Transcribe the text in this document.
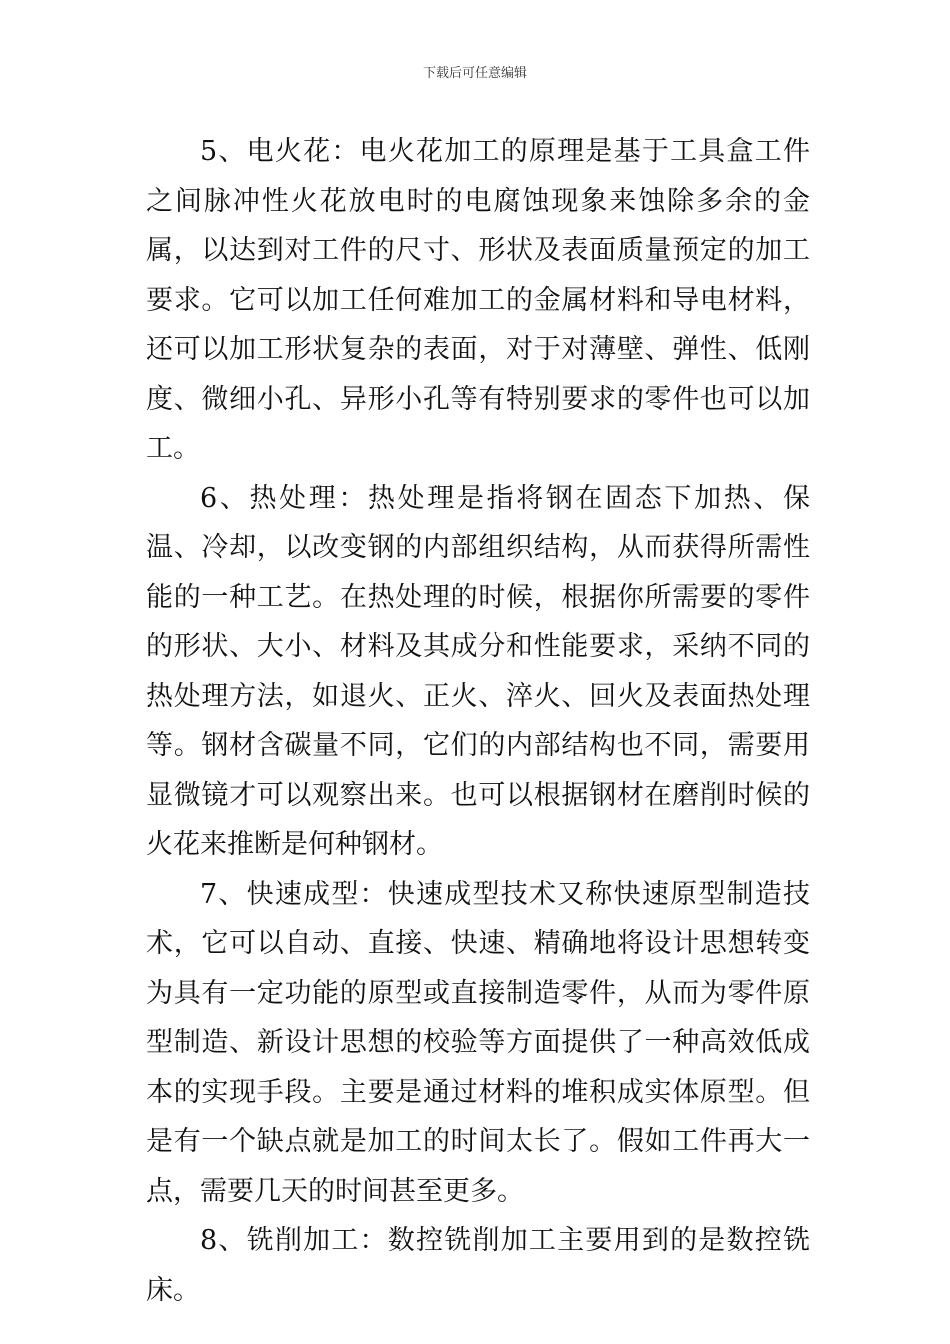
下载后可任意编辑

5、电火花：电火花加工的原理是基于工具盒工件之间脉冲性火花放电时的电腐蚀现象来蚀除多余的金属，以达到对工件的尺寸、形状及表面质量预定的加工要求。它可以加工任何难加工的金属材料和导电材料，还可以加工形状复杂的表面，对于对薄壁、弹性、低刚度、微细小孔、异形小孔等有特别要求的零件也可以加工。

6、热处理：热处理是指将钢在固态下加热、保温、冷却，以改变钢的内部组织结构，从而获得所需性能的一种工艺。在热处理的时候，根据你所需要的零件的形状、大小、材料及其成分和性能要求，采纳不同的热处理方法，如退火、正火、淬火、回火及表面热处理等。钢材含碳量不同，它们的内部结构也不同，需要用显微镜才可以观察出来。也可以根据钢材在磨削时候的火花来推断是何种钢材。

7、快速成型：快速成型技术又称快速原型制造技术，它可以自动、直接、快速、精确地将设计思想转变为具有一定功能的原型或直接制造零件，从而为零件原型制造、新设计思想的校验等方面提供了一种高效低成本的实现手段。主要是通过材料的堆积成实体原型。但是有一个缺点就是加工的时间太长了。假如工件再大一点，需要几天的时间甚至更多。

8、铣削加工：数控铣削加工主要用到的是数控铣床。
